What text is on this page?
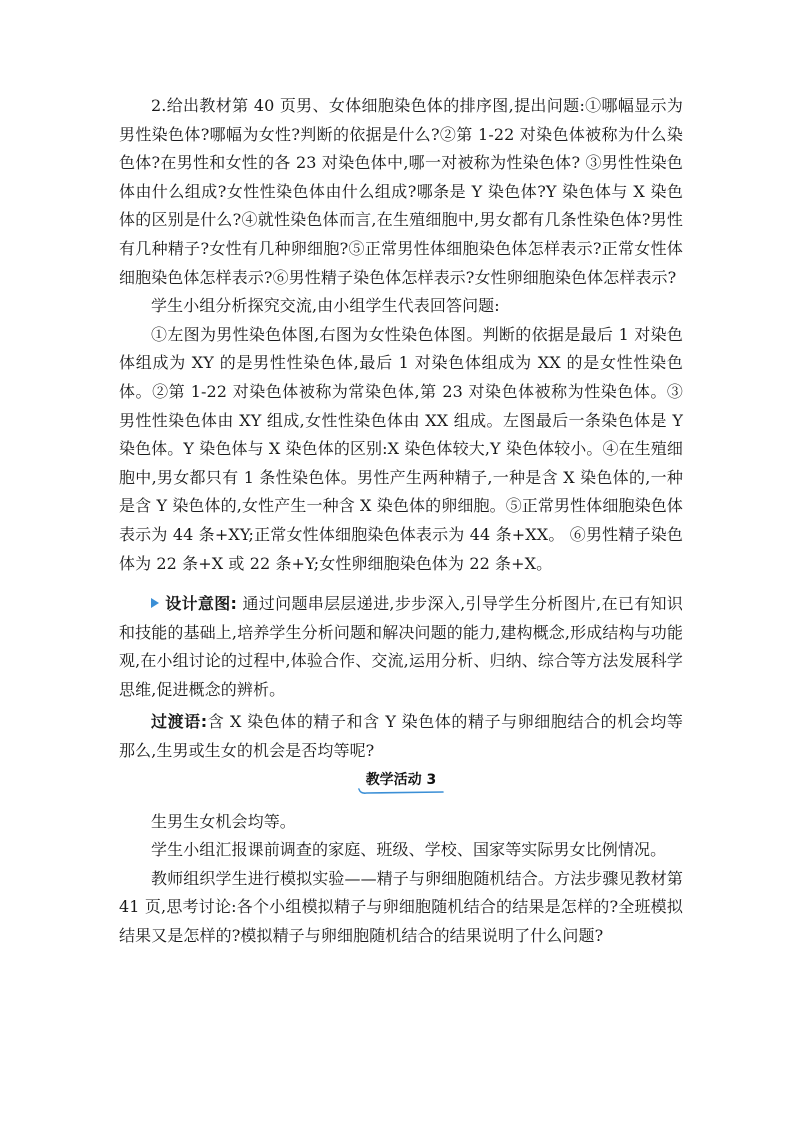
2.给出教材第 40 页男、女体细胞染色体的排序图,提出问题:①哪幅显示为男性染色体?哪幅为女性?判断的依据是什么?②第 1-22 对染色体被称为什么染色体?在男性和女性的各 23 对染色体中,哪一对被称为性染色体? ③男性性染色体由什么组成?女性性染色体由什么组成?哪条是 Y 染色体?Y 染色体与 X 染色体的区别是什么?④就性染色体而言,在生殖细胞中,男女都有几条性染色体?男性有几种精子?女性有几种卵细胞?⑤正常男性体细胞染色体怎样表示?正常女性体细胞染色体怎样表示?⑥男性精子染色体怎样表示?女性卵细胞染色体怎样表示?

学生小组分析探究交流,由小组学生代表回答问题:

①左图为男性染色体图,右图为女性染色体图。判断的依据是最后 1 对染色体组成为 XY 的是男性性染色体,最后 1 对染色体组成为 XX 的是女性性染色体。②第 1-22 对染色体被称为常染色体,第 23 对染色体被称为性染色体。③男性性染色体由 XY 组成,女性性染色体由 XX 组成。左图最后一条染色体是 Y 染色体。Y 染色体与 X 染色体的区别:X 染色体较大,Y 染色体较小。④在生殖细胞中,男女都只有 1 条性染色体。男性产生两种精子,一种是含 X 染色体的,一种是含 Y 染色体的,女性产生一种含 X 染色体的卵细胞。⑤正常男性体细胞染色体表示为 44 条+XY;正常女性体细胞染色体表示为 44 条+XX。 ⑥男性精子染色体为 22 条+X 或 22 条+Y;女性卵细胞染色体为 22 条+X。

设计意图: 通过问题串层层递进,步步深入,引导学生分析图片,在已有知识和技能的基础上,培养学生分析问题和解决问题的能力,建构概念,形成结构与功能观,在小组讨论的过程中,体验合作、交流,运用分析、归纳、综合等方法发展科学思维,促进概念的辨析。

过渡语:含 X 染色体的精子和含 Y 染色体的精子与卵细胞结合的机会均等那么,生男或生女的机会是否均等呢?

教学活动 3

生男生女机会均等。

学生小组汇报课前调查的家庭、班级、学校、国家等实际男女比例情况。

教师组织学生进行模拟实验——精子与卵细胞随机结合。方法步骤见教材第 41 页,思考讨论:各个小组模拟精子与卵细胞随机结合的结果是怎样的?全班模拟结果又是怎样的?模拟精子与卵细胞随机结合的结果说明了什么问题?
